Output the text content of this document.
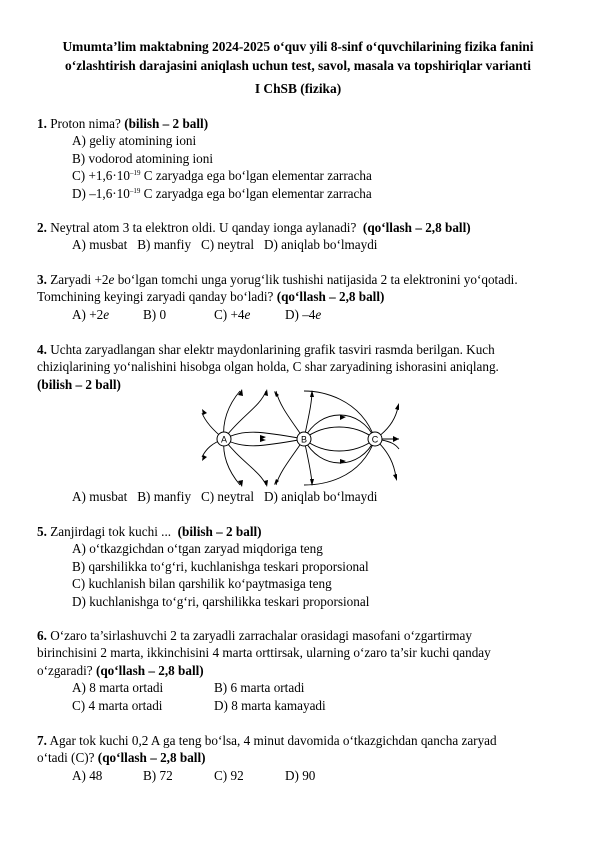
Umumta’lim maktabning 2024-2025 o‘quv yili 8-sinf o‘quvchilarining fizika fanini
o‘zlashtirish darajasini aniqlash uchun test, savol, masala va topshiriqlar varianti
I ChSB (fizika)
1. Proton nima? (bilish – 2 ball)
A) geliy atomining ioni
B) vodorod atomining ioni
$C) +1,6\cdot 10^{-19}$ C zaryadga ega bo‘lgan elementar zarracha
D) $-1,6\cdot 10^{-19}$ C zaryadga ega bo‘lgan elementar zarracha
2. Neytral atom 3 ta elektron oldi. U qanday ionga aylanadi? (qo‘llash – 2,8 ball)
A) musbat B) manfiy C) neytral D) aniqlab bo‘lmaydi
3. Zaryadi +2e bo‘lgan tomchi unga yorug‘lik tushishi natijasida 2 ta elektronini yo‘qotadi.
Tomchining keyingi zaryadi qanday bo‘ladi? (qo‘llash – 2,8 ball)
A) +2e	B) 0	C) +4e	D) –4e
4. Uchta zaryadlangan shar elektr maydonlarining grafik tasviri rasmda berilgan. Kuch
chiziqlarining yo‘nalishini hisobga olgan holda, C shar zaryadining ishorasini aniqlang.
(bilish – 2 ball)
A	B	C
A) musbat B) manfiy C) neytral D) aniqlab bo‘lmaydi
5. Zanjirdagi tok kuchi ... (bilish – 2 ball)
A) o‘tkazgichdan o‘tgan zaryad miqdoriga teng
B) qarshilikka to‘g‘ri, kuchlanishga teskari proporsional
C) kuchlanish bilan qarshilik ko‘paytmasiga teng
D) kuchlanishga to‘g‘ri, qarshilikka teskari proporsional
6. O‘zaro ta’sirlashuvchi 2 ta zaryadli zarrachalar orasidagi masofani o‘zgartirmay
birinchisini 2 marta, ikkinchisini 4 marta orttirsak, ularning o‘zaro ta’sir kuchi qanday
o‘zgaradi? (qo‘llash – 2,8 ball)
A) 8 marta ortadi	B) 6 marta ortadi
C) 4 marta ortadi	D) 8 marta kamayadi
7. Agar tok kuchi 0,2 A ga teng bo‘lsa, 4 minut davomida o‘tkazgichdan qancha zaryad
o‘tadi (C)? (qo‘llash – 2,8 ball)
A) 48	B) 72	C) 92	D) 90
